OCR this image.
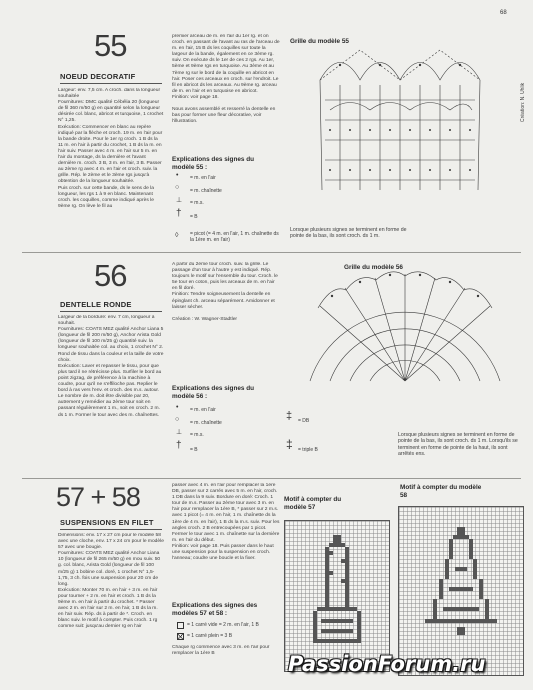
68
Création: N. Uhlik
55
NOEUD DECORATIF
Largeur: env. 7,5 cm. A croch. dans la longueur souhaitée
Fournitures: DMC qualité Cébélia 20 (longueur de fil 360 m/50 g) en quantité selon la longueur désirée col. blanc, abricot et turquoise, 1 crochet N° 1,25.
Exécution: Commencer en blanc au repère indiqué par la flèche et croch. 19 m. en l'air pour la bande droite. Pour le 1er rg croch. 1 B ds la 11 m. en l'air à partir du crochet, 1 B ds la m. en l'air suiv. Passer avec 4 m. en l'air sur 5 m. en l'air du montage, ds la dernière et l'avant dernière m. croch. 3 B, 3 m. en l'air, 3 B. Passer au 2ème rg avec 4 m. en l'air et croch. suiv. la grille. Rép. le 2ème et le 3ème rgs jusqu'à obtention de la longueur souhaitée.
Puis croch. sur cette bande, ds le sens de la longueur, les rgs 1 à 9 en blanc. Maintenant croch. les coquilles, comme indiqué après le 9ème rg. On lève le fil au
premier arceau de m. en l'air du 1er rg. et on croch. en passant de l'avant au ras de l'arceau de m. en l'air, 15 B ds les coquilles sur toute la largeur de la bande, également en ce 3ème rg. suiv. On exécute ds le 1er de ces 2 rgs. Au 1er, 5ème et 9ème rgs en turquoise. Au 3ème et au 7ème rg sur le bord de la coquille en abricot en l'air. Poser ces arceaux en croch. sur l'endroit. Le fil en abricot ds les arceaux. Au 9ème rg. arceau de m. en l'air et en turquoise en abricot.
Finition: voir page 18.

Nous avons assemblé et resserré la dentelle en bas pour former une fleur décorative, voir l'illustration.
Explications des signes du modèle 55 :
• = m. en l'air
○ = m. chaînette
⊥ = m.s.
† = B
◊ = picot (= 4 m. en l'air, 1 m. chaînette ds la 1ère m. en l'air)
Grille du modèle 55
Lorsque plusieurs signes se terminent en forme de pointe de la bas, ils sont croch. ds 1 m.
56
DENTELLE RONDE
Largeur de la bordure: env. 7 cm, longueur à souhait.
Fournitures: COATS MEZ qualité Anchor Liana 5 (longueur de fil 200 m/50 g), Anchor Arista Gold (longueur de fil 100 m/25 g) quantité suiv. la longueur souhaitée col. au choix, 1 crochet N° 2. Rond de tissu dans la couleur et la taille de votre choix.
Exécution: Laver et repasser le tissu, pour que plus tard il ne rétrécisse plus. Surfiler le bord au point zigzag, de préférence à la machine à coudre, pour qu'il ne s'effiloche pas. Replier le bord à ras vers l'env. et croch. des m.s. autour. Le nombre de m. doit être divisible par 20, autrement y remédier au 2ème tour soit en passant régulièrement 1 m., soit en croch. 2 m. ds 1 m. Former le tour avec des m. chaînettes.
A partir du 2ème tour croch. suiv. la grille. Le passage d'un tour à l'autre y est indiqué. Rép. toujours le motif sur l'ensemble du tour. Croch. le 5e tour en coton, puis les arceaux de m. en l'air en fil doré.
Finition: Tendre soigneusement la dentelle en épinglant ch. arceau séparément. Amidonner et laisser sécher.

Création : W. Wagner-Stadtler
Explications des signes du modèle 56 :
• = m. en l'air
○ = m. chaînette
⊥ = m.s.
† = B
‡ = DB
‡ = triple B
Grille du modèle 56
Lorsque plusieurs signes se terminent en forme de pointe de la bas, ils sont croch. ds 1 m. Lorsqu'ils se terminent en forme de pointe de la haut, ils sont arrêtés ens.
57 + 58
SUSPENSIONS EN FILET
Dimensions: env. 17 x 27 cm pour le modèle 58 avec une cloche, env. 17 x 24 cm pour le modèle 57 avec une bougie.
Fournitures: COATS MEZ qualité Anchor Liana 10 (longueur de fil 265 m/50 g) en mou suiv. 50 g. col. blanc, Arista Gold (longueur de fil 100 m/25 g) 1 bobine col. doré, 1 crochet N° 1,5-1,75, 3 ch. fois une suspension pour 20 cm de long.
Exécution: Monter 70 m. en l'air + 3 m. en l'air pour tourner + 2 m. en l'air et croch. 1 B ds la 9ème m. en l'air à partir du crochet. * Passer avec 2 m. en l'air sur 2 m. en l'air, 1 B ds la m. en l'air suiv. Rép. ds à partir de *. Croch. en blanc suiv. le motif à compter. Puis croch. 1 rg comme suit: jusqu'au dernier rg en l'air
passer avec 4 m. en l'air pour remplacer la 1ère DB, passer sur 2 carrés avec 5 m. en l'air, croch. 1 DB dans la 9 suiv. Bordure en doré: Croch. 1 tour de m.s. Passer au 2ème tour avec 3 m. en l'air pour remplacer la 1ère B, * passer sur 2 m.s. avec 1 picot (= 4 m. en l'air, 1 m. chaînette ds la 1ère de 4 m. en l'air), 1 B ds la m.s. suiv. Pour les angles croch. 2 B entrecoupées par 1 picot. Fermer le tour avec 1 m. chaînette sur la dernière m. en l'air du début.
Finition: voir page 18. Puis passer dans le haut une suspension pour la suspension en croch. l'anneau; coudre une boucle et la fixer.
Explications des signes des modèles 57 et 58 :
= 1 carré vide = 2 m. en l'air, 1 B
= 1 carré plein = 3 B
Chaque rg commence avec 3 m. en l'air pour remplacer la 1ère B
Motif à compter du modèle 57
Motif à compter du modèle 58
PassionForum.ru
